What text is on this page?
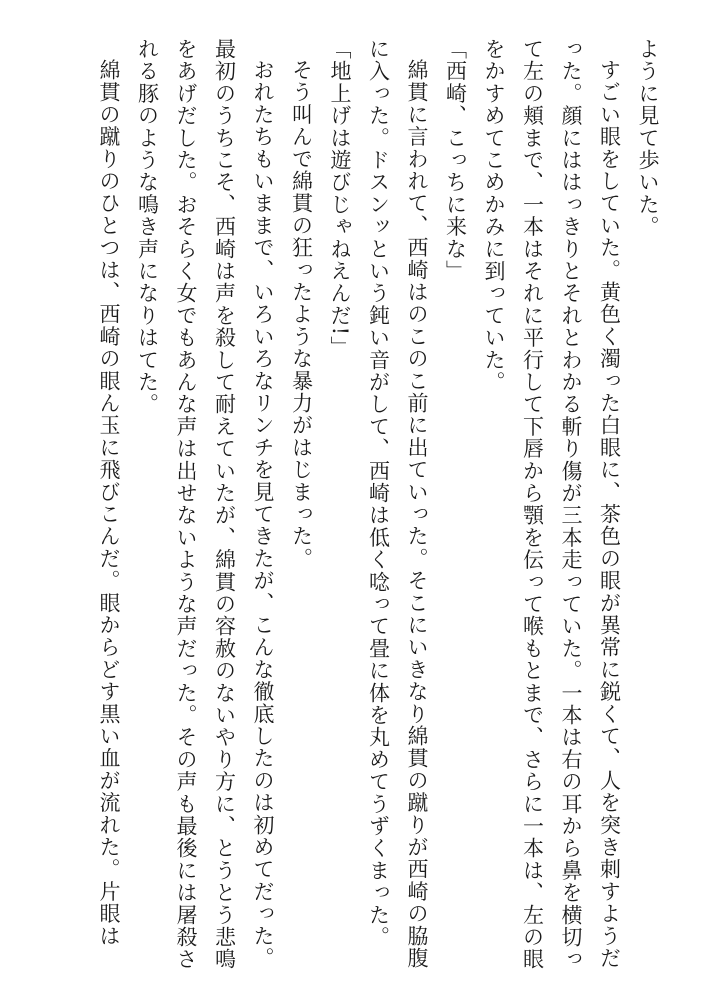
ように見て歩いた。

すごい眼をしていた。黄色く濁った白眼に、茶色の眼が異常に鋭くて、人を突き刺すようだった。顔にははっきりとそれとわかる斬り傷が三本走っていた。一本は右の耳から鼻を横切って左の頬まで、一本はそれに平行して下唇から顎を伝って喉もとまで、さらに一本は、左の眼をかすめてこめかみに到っていた。

「西崎、こっちに来な」

綿貫に言われて、西崎はのこのこ前に出ていった。そこにいきなり綿貫の蹴りが西崎の脇腹に入った。ドスンッという鈍い音がして、西崎は低く唸って畳に体を丸めてうずくまった。

「地上げは遊びじゃねえんだ!」

そう叫んで綿貫の狂ったような暴力がはじまった。

おれたちもいままで、いろいろなリンチを見てきたが、こんな徹底したのは初めてだった。最初のうちこそ、西崎は声を殺して耐えていたが、綿貫の容赦のないやり方に、とうとう悲鳴をあげだした。おそらく女でもあんな声は出せないような声だった。その声も最後には屠殺される豚のような鳴き声になりはてた。

綿貫の蹴りのひとつは、西崎の眼ん玉に飛びこんだ。眼からどす黒い血が流れた。片眼は
